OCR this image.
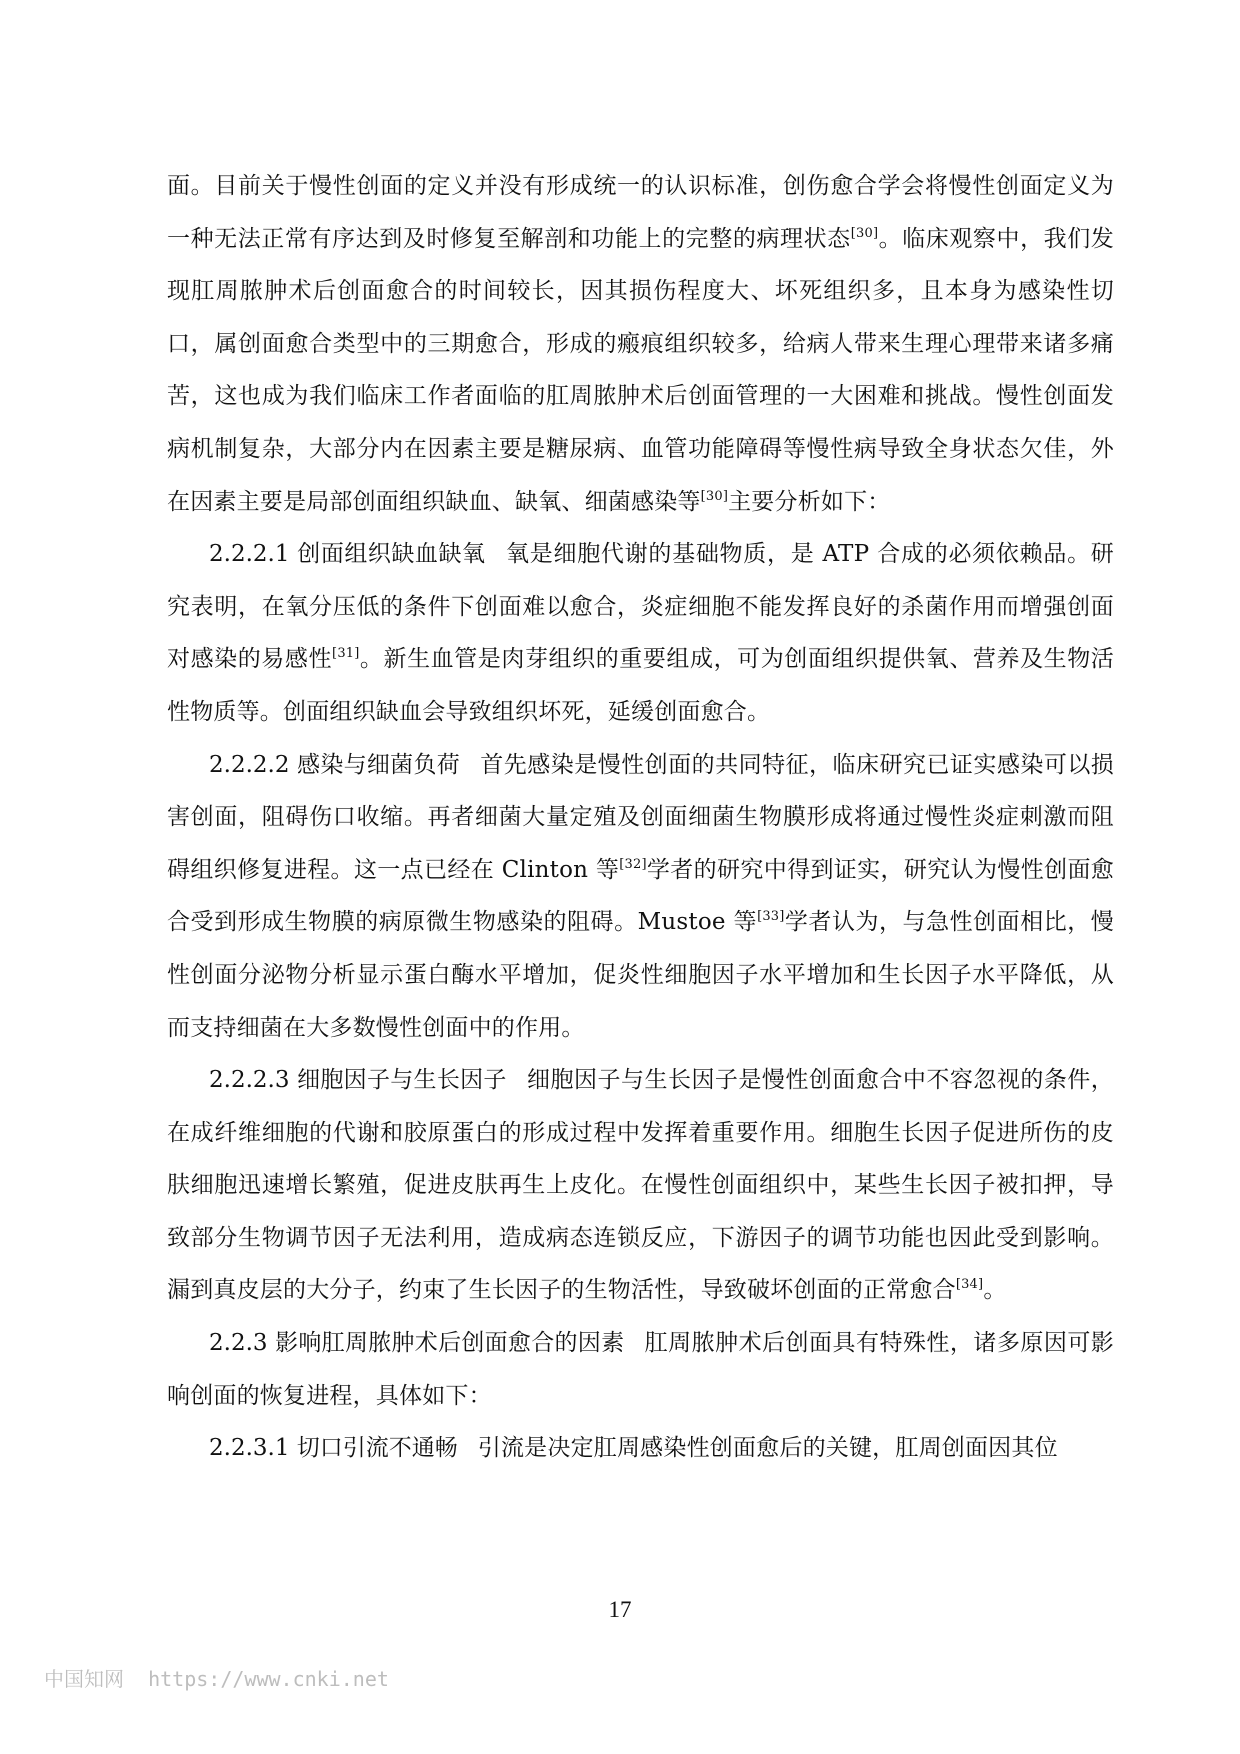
面。目前关于慢性创面的定义并没有形成统一的认识标准，创伤愈合学会将慢性创面定义为一种无法正常有序达到及时修复至解剖和功能上的完整的病理状态[30]。临床观察中，我们发现肛周脓肿术后创面愈合的时间较长，因其损伤程度大、坏死组织多，且本身为感染性切口，属创面愈合类型中的三期愈合，形成的瘢痕组织较多，给病人带来生理心理带来诸多痛苦，这也成为我们临床工作者面临的肛周脓肿术后创面管理的一大困难和挑战。慢性创面发病机制复杂，大部分内在因素主要是糖尿病、血管功能障碍等慢性病导致全身状态欠佳，外在因素主要是局部创面组织缺血、缺氧、细菌感染等[30]主要分析如下：

2.2.2.1 创面组织缺血缺氧 氧是细胞代谢的基础物质，是 ATP 合成的必须依赖品。研究表明，在氧分压低的条件下创面难以愈合，炎症细胞不能发挥良好的杀菌作用而增强创面对感染的易感性[31]。新生血管是肉芽组织的重要组成，可为创面组织提供氧、营养及生物活性物质等。创面组织缺血会导致组织坏死，延缓创面愈合。

2.2.2.2 感染与细菌负荷 首先感染是慢性创面的共同特征，临床研究已证实感染可以损害创面，阻碍伤口收缩。再者细菌大量定殖及创面细菌生物膜形成将通过慢性炎症刺激而阻碍组织修复进程。这一点已经在 Clinton 等[32]学者的研究中得到证实，研究认为慢性创面愈合受到形成生物膜的病原微生物感染的阻碍。Mustoe 等[33]学者认为，与急性创面相比，慢性创面分泌物分析显示蛋白酶水平增加，促炎性细胞因子水平增加和生长因子水平降低，从而支持细菌在大多数慢性创面中的作用。

2.2.2.3 细胞因子与生长因子 细胞因子与生长因子是慢性创面愈合中不容忽视的条件，在成纤维细胞的代谢和胶原蛋白的形成过程中发挥着重要作用。细胞生长因子促进所伤的皮肤细胞迅速增长繁殖，促进皮肤再生上皮化。在慢性创面组织中，某些生长因子被扣押，导致部分生物调节因子无法利用，造成病态连锁反应，下游因子的调节功能也因此受到影响。漏到真皮层的大分子，约束了生长因子的生物活性，导致破坏创面的正常愈合[34]。

2.2.3 影响肛周脓肿术后创面愈合的因素 肛周脓肿术后创面具有特殊性，诸多原因可影响创面的恢复进程，具体如下：

2.2.3.1 切口引流不通畅 引流是决定肛周感染性创面愈后的关键，肛周创面因其位

17
中国知网  https://www.cnki.net
